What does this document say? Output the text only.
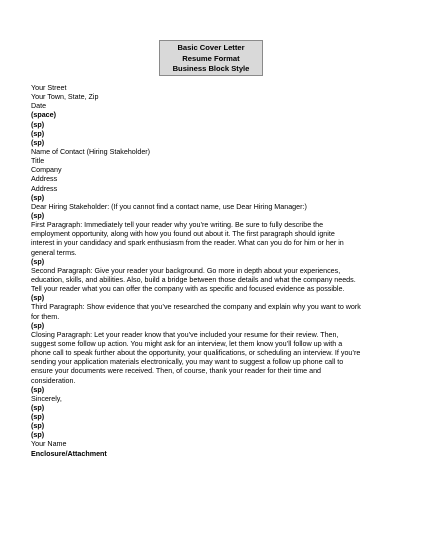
Basic Cover Letter
Resume Format
Business Block Style
Your Street
Your Town, State, Zip
Date
(space)
(sp)
(sp)
(sp)
Name of Contact (Hiring Stakeholder)
Title
Company
Address
Address
(sp)
Dear Hiring Stakeholder: (If you cannot find a contact name, use Dear Hiring Manager:)
(sp)
First Paragraph: Immediately tell your reader why you’re writing. Be sure to fully describe the
employment opportunity, along with how you found out about it. The first paragraph should ignite
interest in your candidacy and spark enthusiasm from the reader. What can you do for him or her in
general terms.
(sp)
Second Paragraph: Give your reader your background. Go more in depth about your experiences,
education, skills, and abilities. Also, build a bridge between those details and what the company needs.
Tell your reader what you can offer the company with as specific and focused evidence as possible.
(sp)
Third Paragraph: Show evidence that you’ve researched the company and explain why you want to work
for them.
(sp)
Closing Paragraph: Let your reader know that you’ve included your resume for their review. Then,
suggest some follow up action. You might ask for an interview, let them know you’ll follow up with a
phone call to speak further about the opportunity, your qualifications, or scheduling an interview. If you’re
sending your application materials electronically, you may want to suggest a follow up phone call to
ensure your documents were received. Then, of course, thank your reader for their time and
consideration.
(sp)
Sincerely,
(sp)
(sp)
(sp)
(sp)
Your Name
Enclosure/Attachment
